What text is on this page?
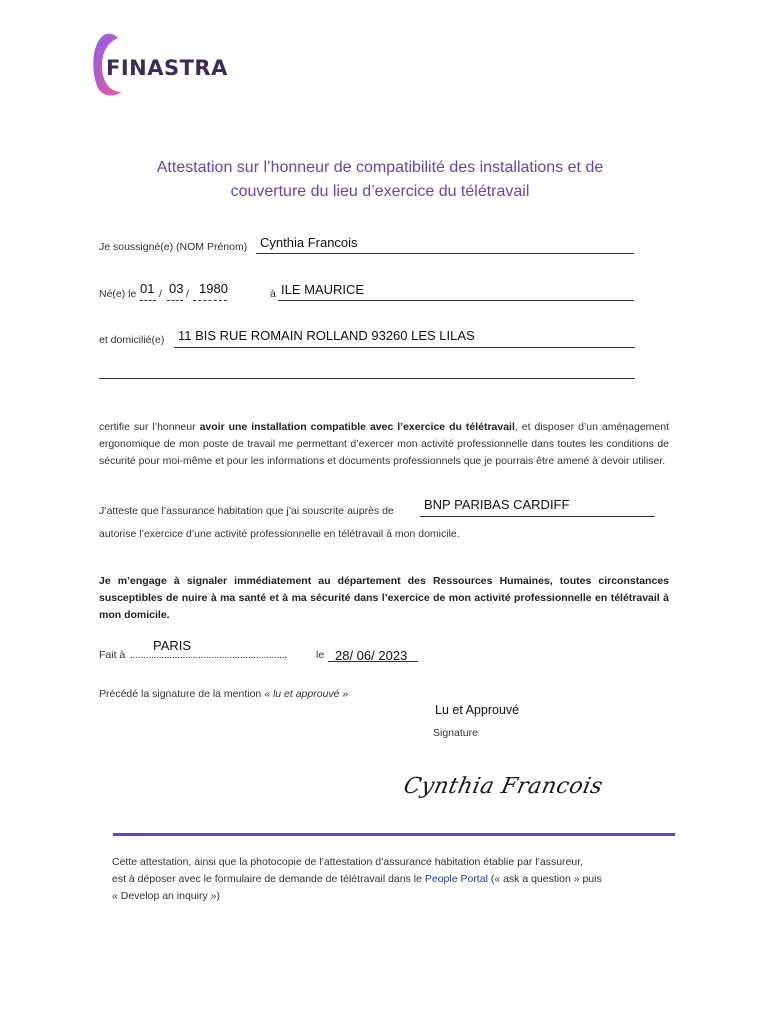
FINASTRA
Attestation sur l’honneur de compatibilité des installations et de
couverture du lieu d’exercice du télétravail
Je soussigné(e) (NOM Prénom) Cynthia Francois
Né(e) le 01 / 03 / 1980	à ILE MAURICE
et domicilié(e) 11 BIS RUE ROMAIN ROLLAND 93260 LES LILAS
certifie sur l’honneur avoir une installation compatible avec l’exercice du télétravail, et disposer d’un aménagement ergonomique de mon poste de travail me permettant d’exercer mon activité professionnelle dans toutes les conditions de sécurité pour moi-même et pour les informations et documents professionnels que je pourrais être amené à devoir utiliser.
J’atteste que l’assurance habitation que j’ai souscrite auprès de BNP PARIBAS CARDIFF
autorise l’exercice d’une activité professionnelle en télétravail à mon domicile.
Je m’engage à signaler immédiatement au département des Ressources Humaines, toutes circonstances susceptibles de nuire à ma santé et à ma sécurité dans l’exercice de mon activité professionnelle en télétravail à mon domicile.
Fait à ...........................................................,
PARIS
le 28/ 06/ 2023
Précédé la signature de la mention « lu et approuvé »
Lu et Approuvé
Signature
Cynthia Francois
Cette attestation, ainsi que la photocopie de l’attestation d’assurance habitation établie par l’assureur,
est à déposer avec le formulaire de demande de télétravail dans le People Portal (« ask a question » puis
« Develop an inquiry »)
